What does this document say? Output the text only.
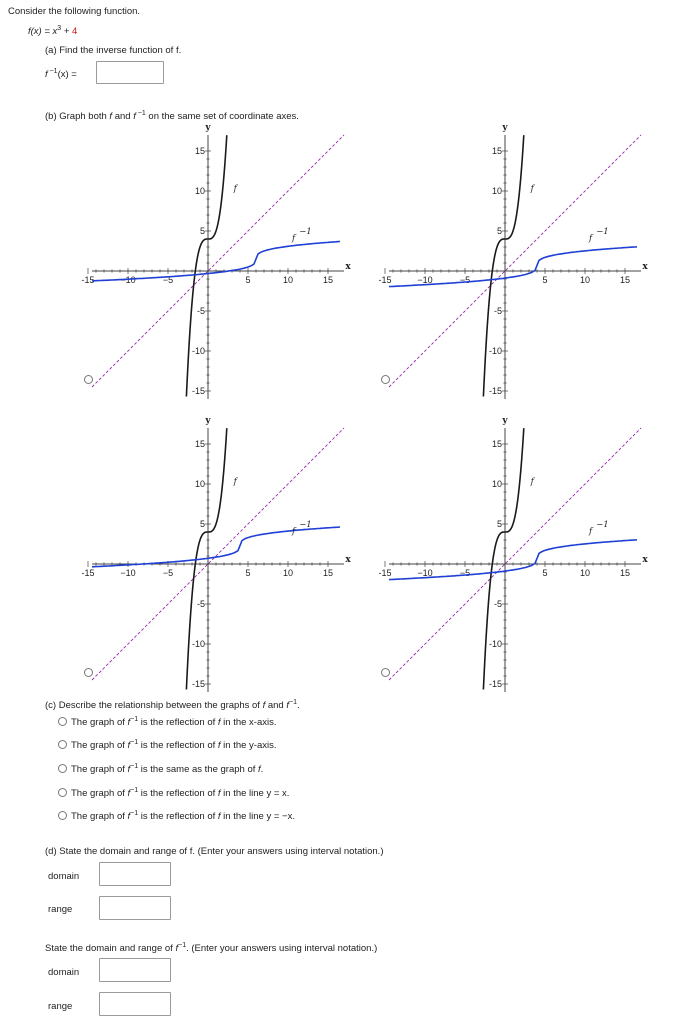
Consider the following function.
$f(x) = x^3 + 4$
(a) Find the inverse function of f.
f $^{-1}$(x) =
(b) Graph both f and f $^{-1}$ on the same set of coordinate axes.
15
10
5
-5
-10
-15
-15	−10	−5	5	10	15
y
x
f
f
−1
15
10
5
-5
-10
-15
-15	−10	−5	5	10	15
y
x
f
f
−1
15
10
5
-5
-10
-15
-15	−10	−5	5	10	15
y
x
f
f
−1
15
10
5
-5
-10
-15
-15	−10	−5	5	10	15
y
x
f
f
−1
(c) Describe the relationship between the graphs of f and $f^{-1}$.
The graph of $f^{-1}$ is the reflection of f in the x-axis.
The graph of $f^{-1}$ is the reflection of f in the y-axis.
The graph of $f^{-1}$ is the same as the graph of f.
The graph of $f^{-1}$ is the reflection of f in the line y = x.
The graph of $f^{-1}$ is the reflection of f in the line y = −x.
(d) State the domain and range of f. (Enter your answers using interval notation.)
domain
range
State the domain and range of $f^{-1}$. (Enter your answers using interval notation.)
domain
range
